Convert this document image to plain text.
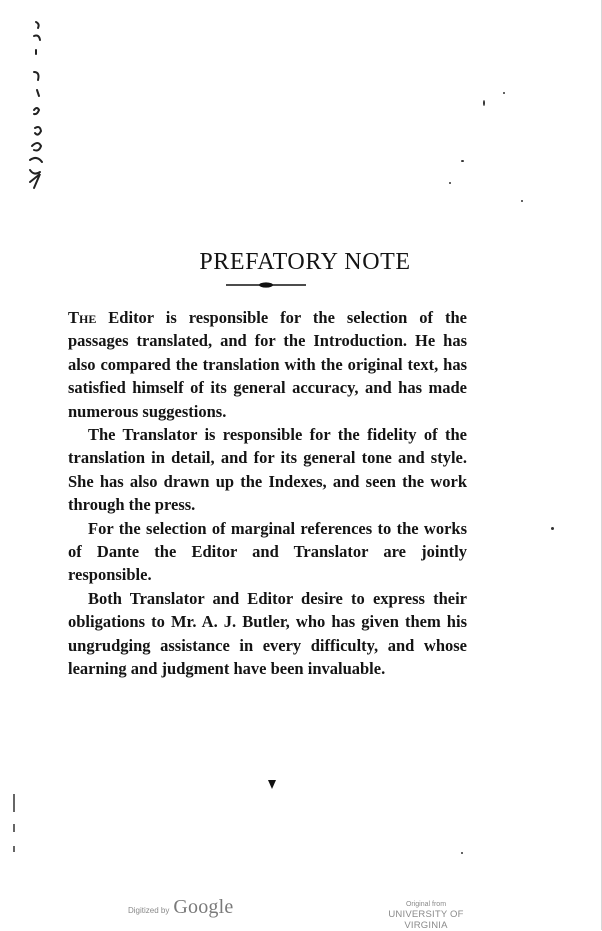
PREFATORY NOTE

The Editor is responsible for the selection of the passages translated, and for the Introduction. He has also compared the translation with the original text, has satisfied himself of its general accuracy, and has made numerous suggestions.

The Translator is responsible for the fidelity of the translation in detail, and for its general tone and style. She has also drawn up the Indexes, and seen the work through the press.

For the selection of marginal references to the works of Dante the Editor and Translator are jointly responsible.

Both Translator and Editor desire to express their obligations to Mr. A. J. Butler, who has given them his ungrudging assistance in every difficulty, and whose learning and judgment have been invaluable.

Digitized by Google	Original from
UNIVERSITY OF VIRGINIA
